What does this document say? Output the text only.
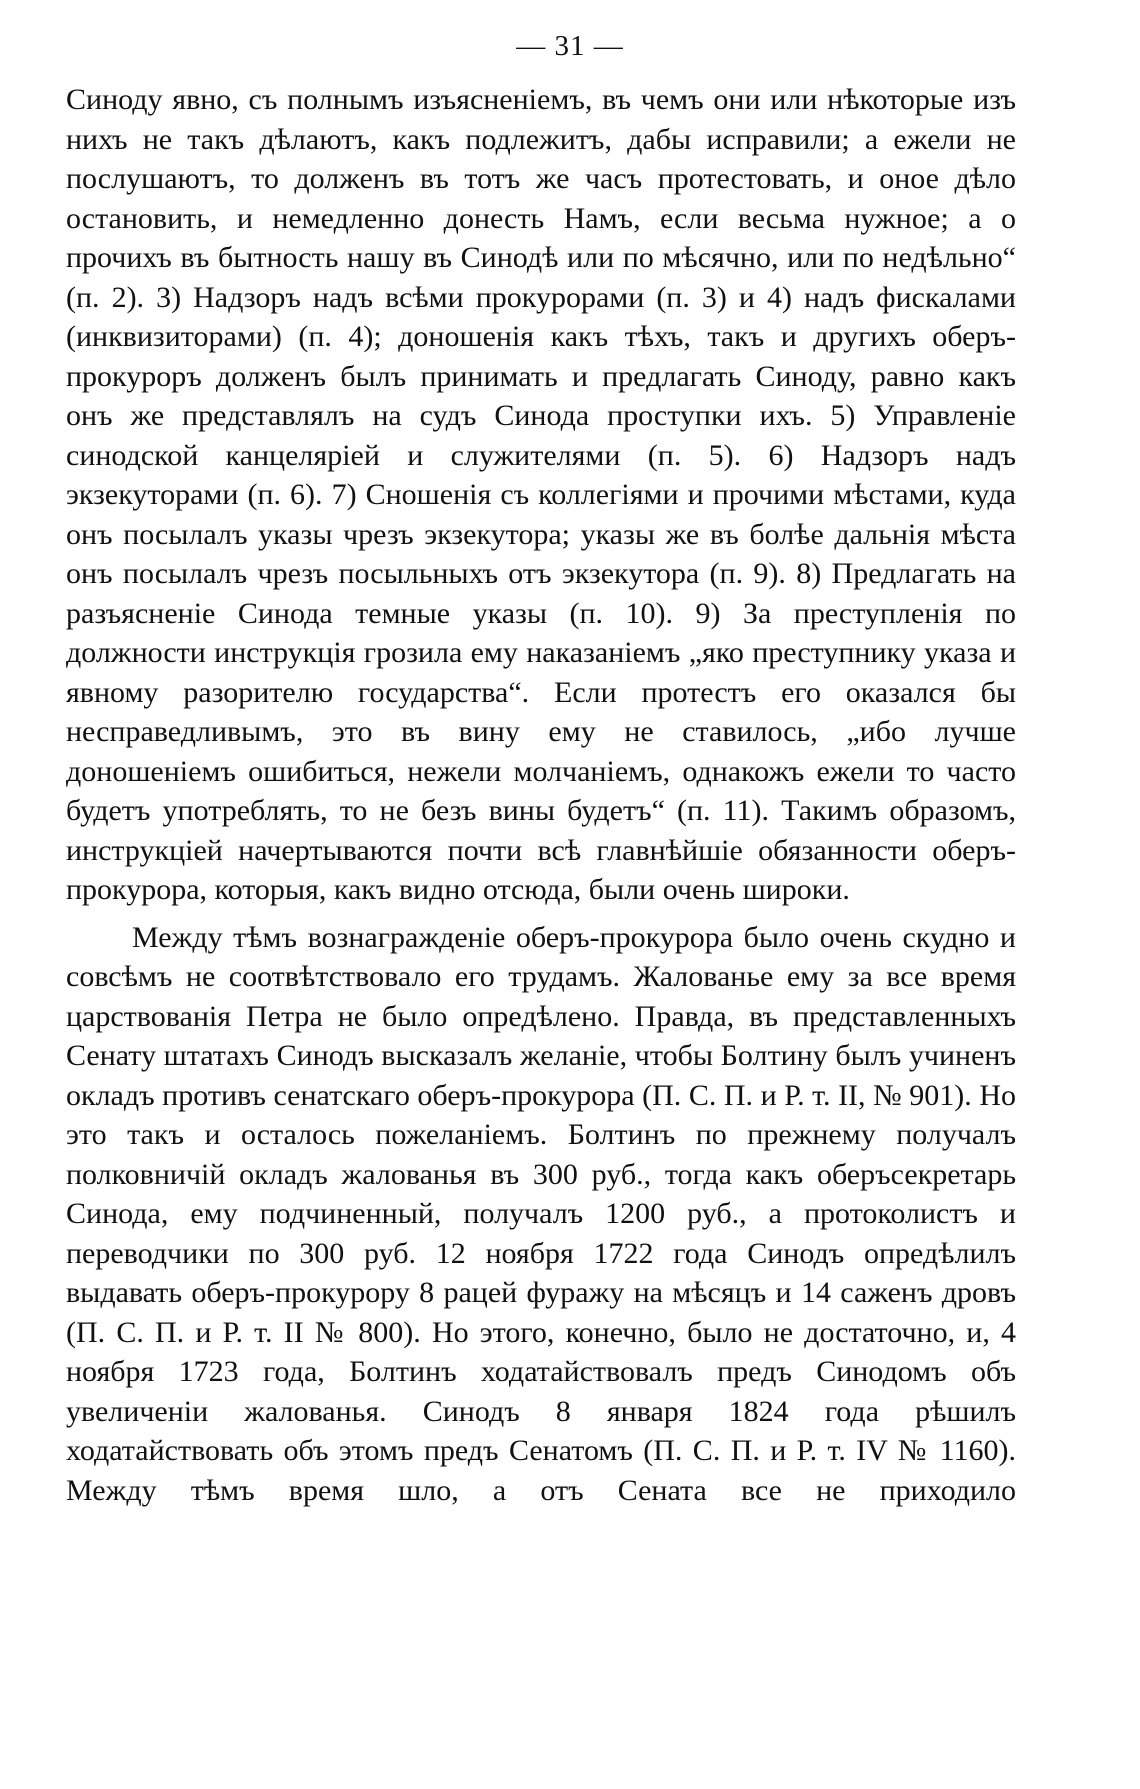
— 31 —

Синоду явно, съ полнымъ изъясненіемъ, въ чемъ они или нѣкоторые изъ нихъ не такъ дѣлаютъ, какъ подлежитъ, дабы исправили; а ежели не послушаютъ, то долженъ въ тотъ же часъ протестовать, и оное дѣло остановить, и немедленно донесть Намъ, если весьма нужное; а о прочихъ въ бытность нашу въ Синодѣ или по мѣсячно, или по недѣльно“ (п. 2). 3) Надзоръ надъ всѣми прокурорами (п. 3) и 4) надъ фискалами (инквизиторами) (п. 4); доношенія какъ тѣхъ, такъ и другихъ оберъ-прокуроръ долженъ былъ принимать и предлагать Синоду, равно какъ онъ же представлялъ на судъ Синода проступки ихъ. 5) Управленіе синодской канцеляріей и служителями (п. 5). 6) Надзоръ надъ экзекуторами (п. 6). 7) Сношенія съ коллегіями и прочими мѣстами, куда онъ посылалъ указы чрезъ экзекутора; указы же въ болѣе дальнія мѣста онъ посылалъ чрезъ посыльныхъ отъ экзекутора (п. 9). 8) Предлагать на разъясненіе Синода темные указы (п. 10). 9) За преступленія по должности инструкція грозила ему наказаніемъ „яко преступнику указа и явному разорителю государства“. Если протестъ его оказался бы несправедливымъ, это въ вину ему не ставилось, „ибо лучше доношеніемъ ошибиться, нежели молчаніемъ, однакожъ ежели то часто будетъ употреблять, то не безъ вины будетъ“ (п. 11). Такимъ образомъ, инструкціей начертываются почти всѣ главнѣйшіе обязанности оберъ-прокурора, которыя, какъ видно отсюда, были очень широки.

Между тѣмъ вознагражденіе оберъ-прокурора было очень скудно и совсѣмъ не соотвѣтствовало его трудамъ. Жалованье ему за все время царствованія Петра не было опредѣлено. Правда, въ представленныхъ Сенату штатахъ Синодъ высказалъ желаніе, чтобы Болтину былъ учиненъ окладъ противъ сенатскаго оберъ-прокурора (П. С. П. и Р. т. II, № 901). Но это такъ и осталось пожеланіемъ. Болтинъ по прежнему получалъ полковничій окладъ жалованья въ 300 руб., тогда какъ оберъсекретарь Синода, ему подчиненный, получалъ 1200 руб., а протоколистъ и переводчики по 300 руб. 12 ноября 1722 года Синодъ опредѣлилъ выдавать оберъ-прокурору 8 рацей фуражу на мѣсяцъ и 14 саженъ дровъ (П. С. П. и Р. т. II № 800). Но этого, конечно, было не достаточно, и, 4 ноября 1723 года, Болтинъ ходатайствовалъ предъ Синодомъ объ увеличеніи жалованья. Синодъ 8 января 1824 года рѣшилъ ходатайствовать объ этомъ предъ Сенатомъ (П. С. П. и Р. т. IV № 1160). Между тѣмъ время шло, а отъ Сената все не приходило
